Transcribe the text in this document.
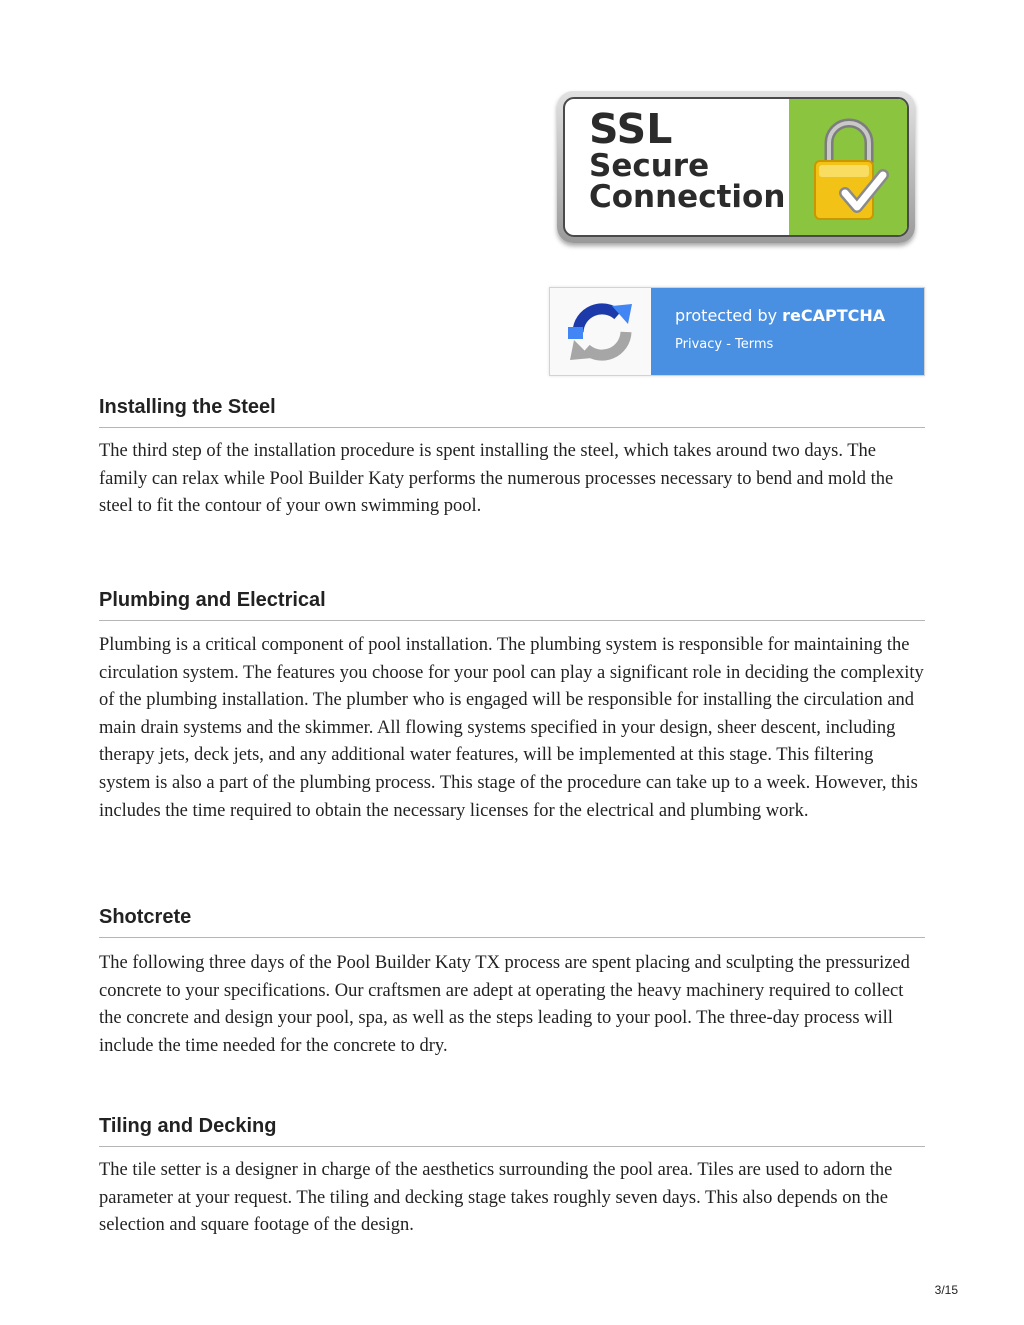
SSL
Secure
Connection
protected by reCAPTCHA
Privacy - Terms
Installing the Steel

The third step of the installation procedure is spent installing the steel, which takes around two days. The family can relax while Pool Builder Katy performs the numerous processes necessary to bend and mold the steel to fit the contour of your own swimming pool.

Plumbing and Electrical

Plumbing is a critical component of pool installation. The plumbing system is responsible for maintaining the circulation system. The features you choose for your pool can play a significant role in deciding the complexity of the plumbing installation. The plumber who is engaged will be responsible for installing the circulation and main drain systems and the skimmer. All flowing systems specified in your design, sheer descent, including therapy jets, deck jets, and any additional water features, will be implemented at this stage. This filtering system is also a part of the plumbing process. This stage of the procedure can take up to a week. However, this includes the time required to obtain the necessary licenses for the electrical and plumbing work.

Shotcrete

The following three days of the Pool Builder Katy TX process are spent placing and sculpting the pressurized concrete to your specifications. Our craftsmen are adept at operating the heavy machinery required to collect the concrete and design your pool, spa, as well as the steps leading to your pool. The three-day process will include the time needed for the concrete to dry.

Tiling and Decking

The tile setter is a designer in charge of the aesthetics surrounding the pool area. Tiles are used to adorn the parameter at your request. The tiling and decking stage takes roughly seven days. This also depends on the selection and square footage of the design.

3/15
